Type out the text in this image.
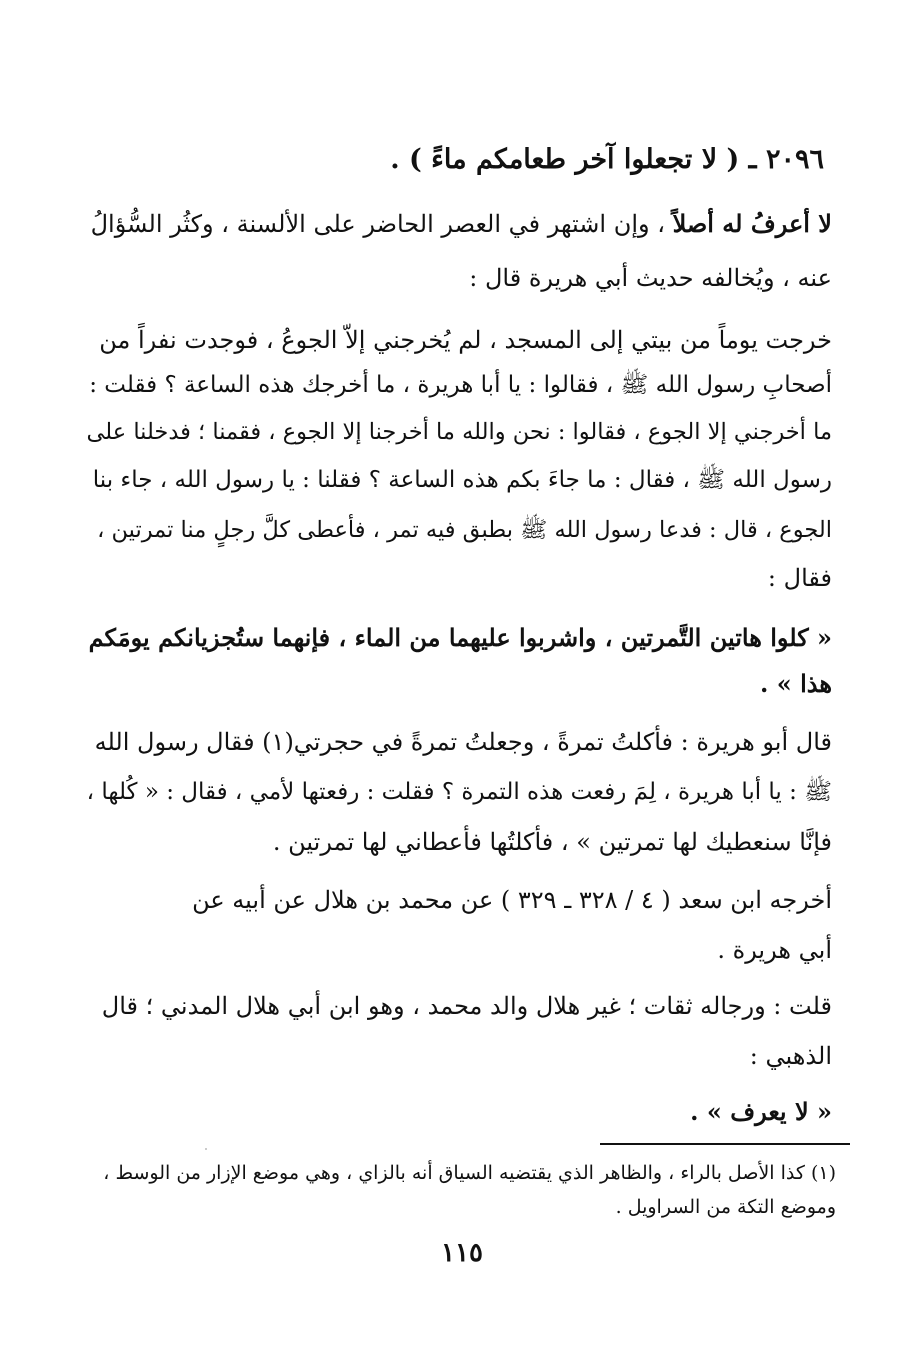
٢٠٩٦ ـ ( لا تجعلوا آخر طعامكم ماءً ) .
لا أعرفُ له أصلاً ، وإن اشتهر في العصر الحاضر على الألسنة ، وكثُر السُّؤالُ
عنه ، ويُخالفه حديث أبي هريرة قال :
خرجت يوماً من بيتي إلى المسجد ، لم يُخرجني إلاّ الجوعُ ، فوجدت نفراً من
أصحابِ رسول الله ﷺ ، فقالوا : يا أبا هريرة ، ما أخرجك هذه الساعة ؟ فقلت :
ما أخرجني إلا الجوع ، فقالوا : نحن والله ما أخرجنا إلا الجوع ، فقمنا ؛ فدخلنا على
رسول الله ﷺ ، فقال : ما جاءَ بكم هذه الساعة ؟ فقلنا : يا رسول الله ، جاء بنا
الجوع ، قال : فدعا رسول الله ﷺ بطبق فيه تمر ، فأعطى كلَّ رجلٍ منا تمرتين ،
فقال :
« كلوا هاتين التَّمرتين ، واشربوا عليهما من الماء ، فإنهما ستُجزيانكم يومَكم
هذا » .
قال أبو هريرة : فأكلتُ تمرةً ، وجعلتُ تمرةً في حجرتي(١) فقال رسول الله
ﷺ : يا أبا هريرة ، لِمَ رفعت هذه التمرة ؟ فقلت : رفعتها لأمي ، فقال : « كُلها ،
فإنَّا سنعطيك لها تمرتين » ، فأكلتُها فأعطاني لها تمرتين .
أخرجه ابن سعد ( ٤ / ٣٢٨ ـ ٣٢٩ ) عن محمد بن هلال عن أبيه عن
أبي هريرة .
قلت : ورجاله ثقات ؛ غير هلال والد محمد ، وهو ابن أبي هلال المدني ؛ قال
الذهبي :
« لا يعرف » .
(١) كذا الأصل بالراء ، والظاهر الذي يقتضيه السياق أنه بالزاي ، وهي موضع الإزار من الوسط ،
وموضع التكة من السراويل .
١١٥
